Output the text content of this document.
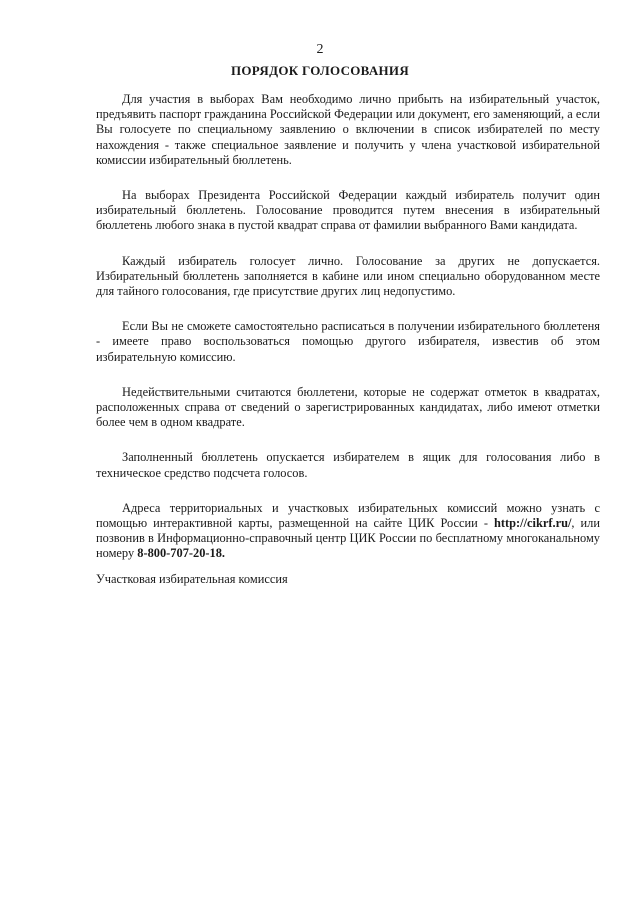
2
ПОРЯДОК ГОЛОСОВАНИЯ

Для участия в выборах Вам необходимо лично прибыть на избирательный участок, предъявить паспорт гражданина Российской Федерации или документ, его заменяющий, а если Вы голосуете по специальному заявлению о включении в список избирателей по месту нахождения - также специальное заявление и получить у члена участковой избирательной комиссии избирательный бюллетень.

На выборах Президента Российской Федерации каждый избиратель получит один избирательный бюллетень. Голосование проводится путем внесения в избирательный бюллетень любого знака в пустой квадрат справа от фамилии выбранного Вами кандидата.

Каждый избиратель голосует лично. Голосование за других не допускается. Избирательный бюллетень заполняется в кабине или ином специально оборудованном месте для тайного голосования, где присутствие других лиц недопустимо.

Если Вы не сможете самостоятельно расписаться в получении избирательного бюллетеня - имеете право воспользоваться помощью другого избирателя, известив об этом избирательную комиссию.

Недействительными считаются бюллетени, которые не содержат отметок в квадратах, расположенных справа от сведений о зарегистрированных кандидатах, либо имеют отметки более чем в одном квадрате.

Заполненный бюллетень опускается избирателем в ящик для голосования либо в техническое средство подсчета голосов.

Адреса территориальных и участковых избирательных комиссий можно узнать с помощью интерактивной карты, размещенной на сайте ЦИК России - http://cikrf.ru/, или позвонив в Информационно-справочный центр ЦИК России по бесплатному многоканальному номеру 8-800-707-20-18.

Участковая избирательная комиссия
